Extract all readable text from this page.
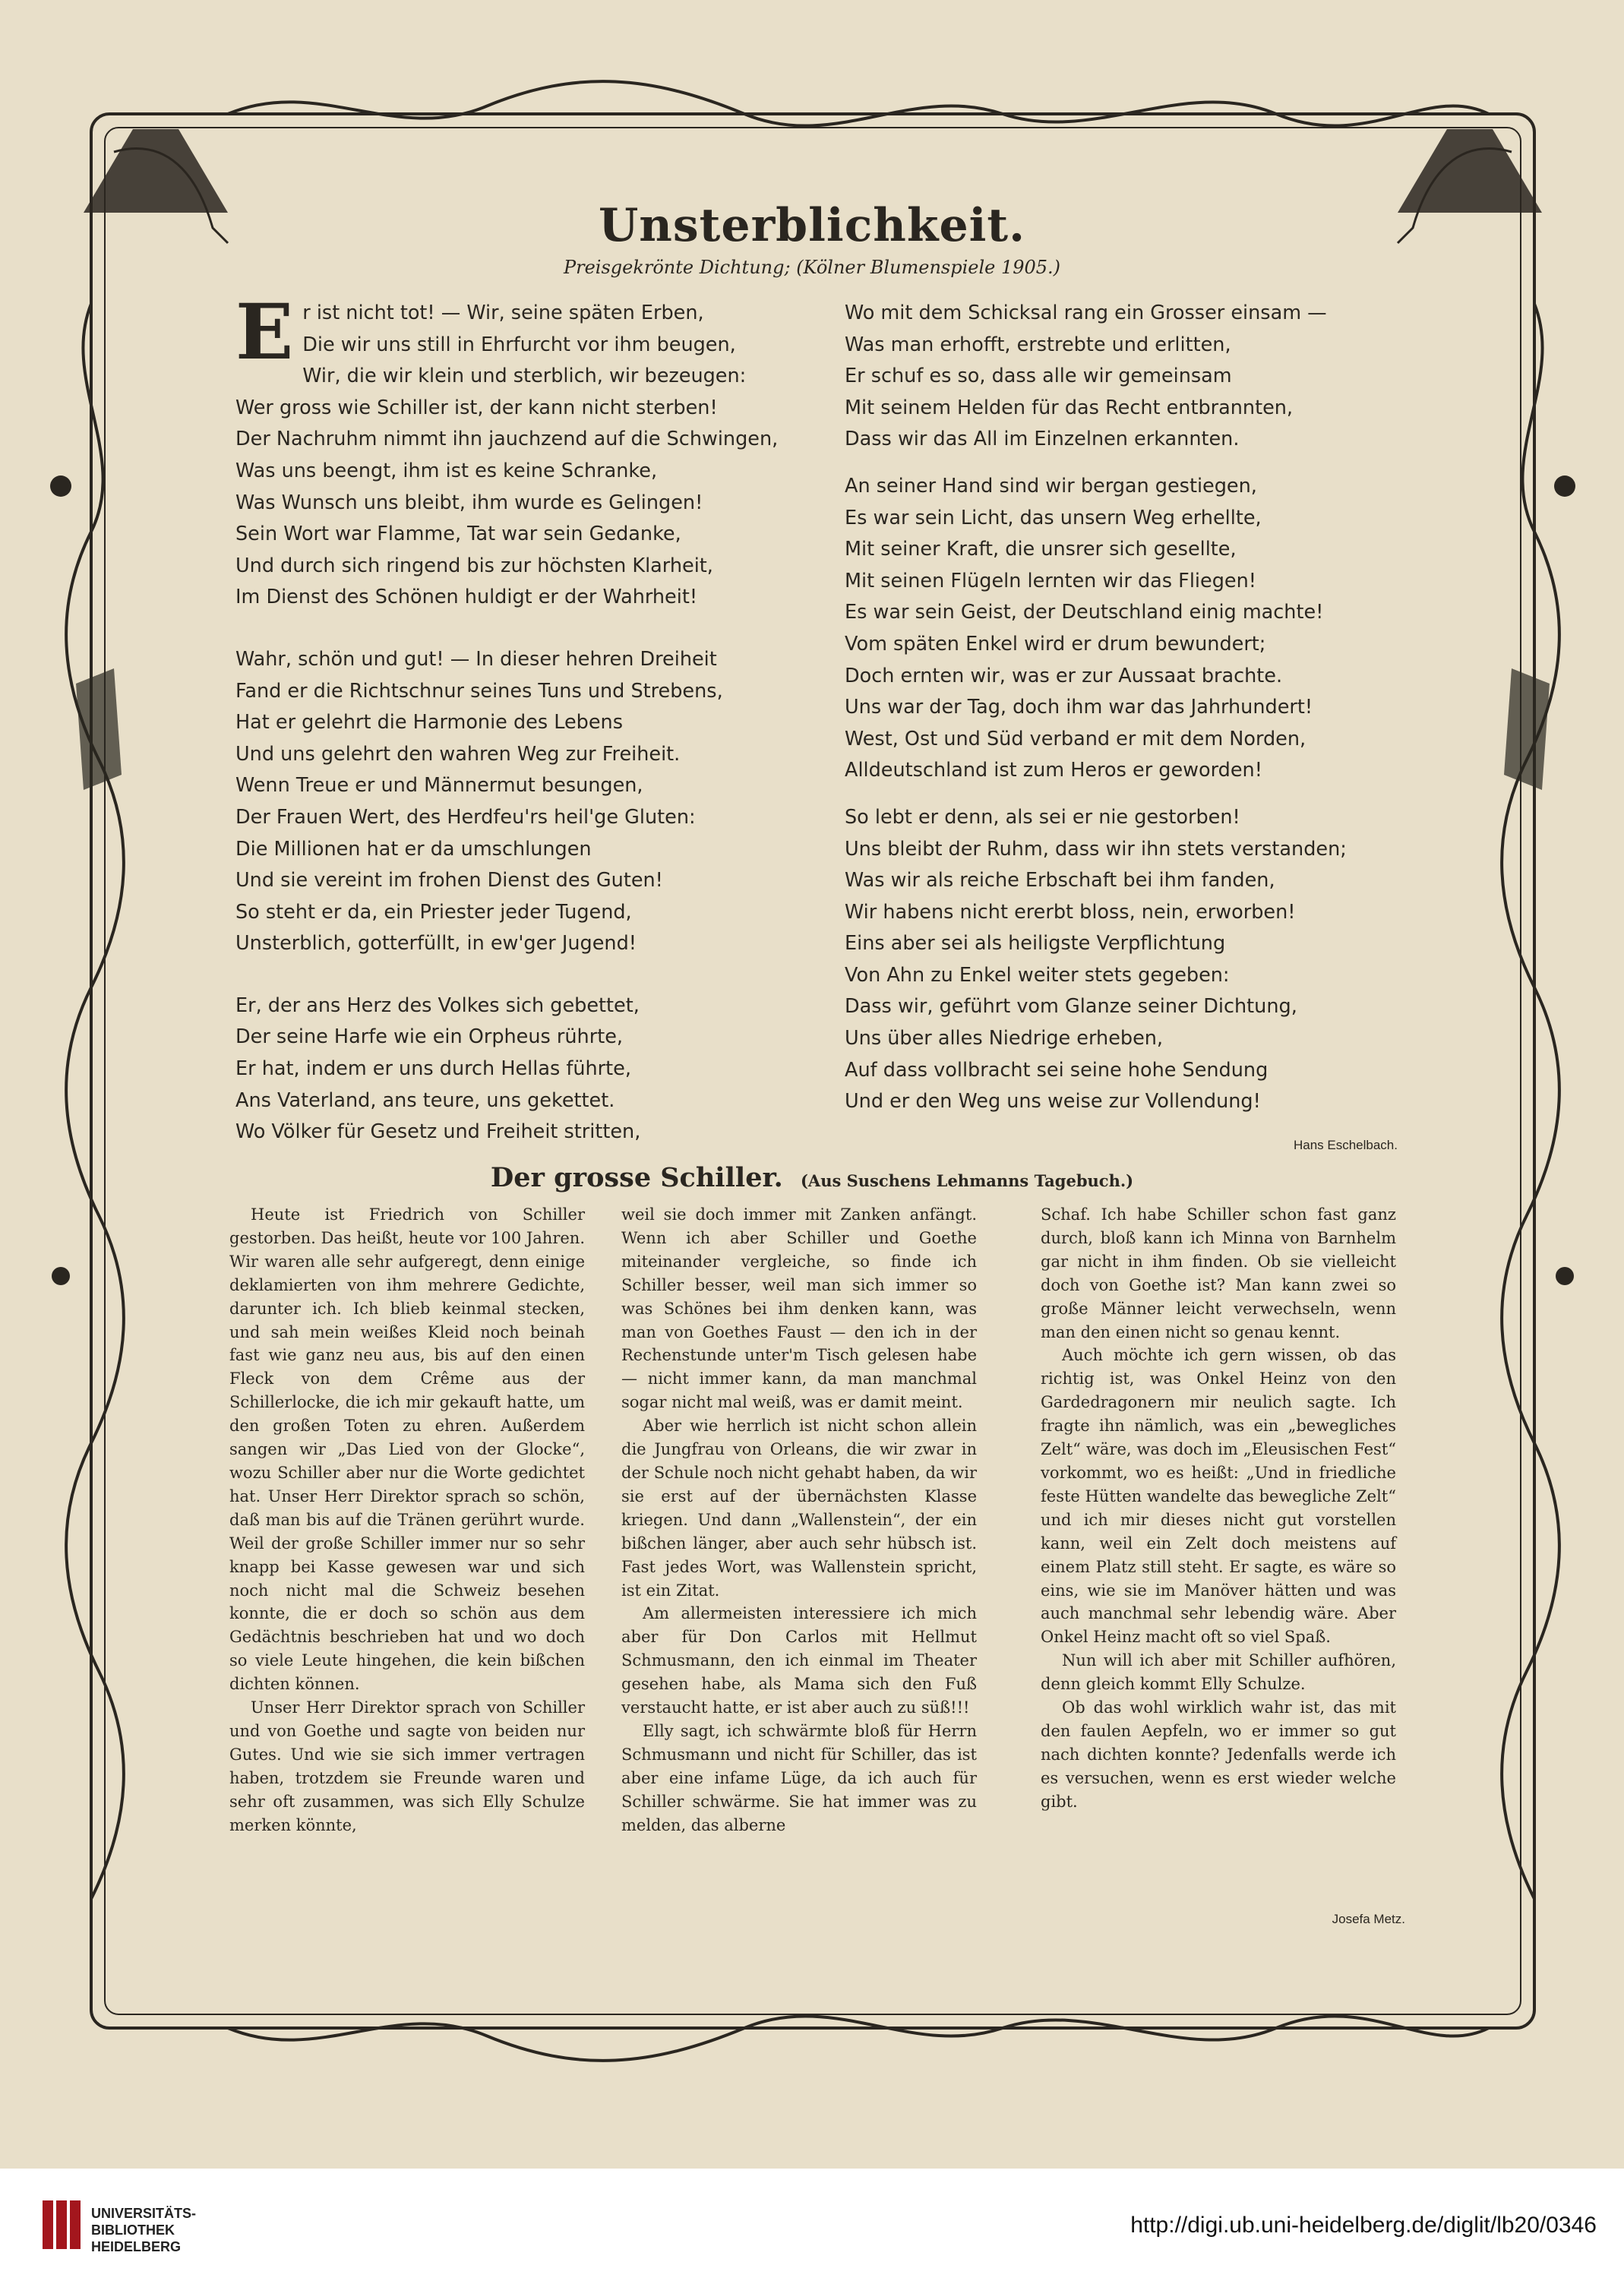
Unsterblichkeit.
Preisgekrönte Dichtung; (Kölner Blumenspiele 1905.)
E r ist nicht tot! — Wir, seine späten Erben,

Die wir uns still in Ehrfurcht vor ihm beugen,

Wir, die wir klein und sterblich, wir bezeugen:

Wer gross wie Schiller ist, der kann nicht sterben!

Der Nachruhm nimmt ihn jauchzend auf die Schwingen,

Was uns beengt, ihm ist es keine Schranke,

Was Wunsch uns bleibt, ihm wurde es Gelingen!

Sein Wort war Flamme, Tat war sein Gedanke,

Und durch sich ringend bis zur höchsten Klarheit,

Im Dienst des Schönen huldigt er der Wahrheit!

Wahr, schön und gut! — In dieser hehren Dreiheit

Fand er die Richtschnur seines Tuns und Strebens,

Hat er gelehrt die Harmonie des Lebens

Und uns gelehrt den wahren Weg zur Freiheit.

Wenn Treue er und Männermut besungen,

Der Frauen Wert, des Herdfeu'rs heil'ge Gluten:

Die Millionen hat er da umschlungen

Und sie vereint im frohen Dienst des Guten!

So steht er da, ein Priester jeder Tugend,

Unsterblich, gotterfüllt, in ew'ger Jugend!

Er, der ans Herz des Volkes sich gebettet,

Der seine Harfe wie ein Orpheus rührte,

Er hat, indem er uns durch Hellas führte,

Ans Vaterland, ans teure, uns gekettet.

Wo Völker für Gesetz und Freiheit stritten,

Wo mit dem Schicksal rang ein Grosser einsam —

Was man erhofft, erstrebte und erlitten,

Er schuf es so, dass alle wir gemeinsam

Mit seinem Helden für das Recht entbrannten,

Dass wir das All im Einzelnen erkannten.

An seiner Hand sind wir bergan gestiegen,

Es war sein Licht, das unsern Weg erhellte,

Mit seiner Kraft, die unsrer sich gesellte,

Mit seinen Flügeln lernten wir das Fliegen!

Es war sein Geist, der Deutschland einig machte!

Vom späten Enkel wird er drum bewundert;

Doch ernten wir, was er zur Aussaat brachte.

Uns war der Tag, doch ihm war das Jahrhundert!

West, Ost und Süd verband er mit dem Norden,

Alldeutschland ist zum Heros er geworden!

So lebt er denn, als sei er nie gestorben!

Uns bleibt der Ruhm, dass wir ihn stets verstanden;

Was wir als reiche Erbschaft bei ihm fanden,

Wir habens nicht ererbt bloss, nein, erworben!

Eins aber sei als heiligste Verpflichtung

Von Ahn zu Enkel weiter stets gegeben:

Dass wir, geführt vom Glanze seiner Dichtung,

Uns über alles Niedrige erheben,

Auf dass vollbracht sei seine hohe Sendung

Und er den Weg uns weise zur Vollendung!

Hans Eschelbach.
Der grosse Schiller. (Aus Suschens Lehmanns Tagebuch.)

Heute ist Friedrich von Schiller gestorben. Das heißt, heute vor 100 Jahren. Wir waren alle sehr aufgeregt, denn einige deklamierten von ihm mehrere Gedichte, darunter ich. Ich blieb keinmal stecken, und sah mein weißes Kleid noch beinah fast wie ganz neu aus, bis auf den einen Fleck von dem Crême aus der Schillerlocke, die ich mir gekauft hatte, um den großen Toten zu ehren. Außerdem sangen wir „Das Lied von der Glocke“, wozu Schiller aber nur die Worte gedichtet hat. Unser Herr Direktor sprach so schön, daß man bis auf die Tränen gerührt wurde. Weil der große Schiller immer nur so sehr knapp bei Kasse gewesen war und sich noch nicht mal die Schweiz besehen konnte, die er doch so schön aus dem Gedächtnis beschrieben hat und wo doch so viele Leute hingehen, die kein bißchen dichten können.

Unser Herr Direktor sprach von Schiller und von Goethe und sagte von beiden nur Gutes. Und wie sie sich immer vertragen haben, trotzdem sie Freunde waren und sehr oft zusammen, was sich Elly Schulze merken könnte,

weil sie doch immer mit Zanken anfängt. Wenn ich aber Schiller und Goethe miteinander vergleiche, so finde ich Schiller besser, weil man sich immer so was Schönes bei ihm denken kann, was man von Goethes Faust — den ich in der Rechenstunde unter'm Tisch gelesen habe — nicht immer kann, da man manchmal sogar nicht mal weiß, was er damit meint.

Aber wie herrlich ist nicht schon allein die Jungfrau von Orleans, die wir zwar in der Schule noch nicht gehabt haben, da wir sie erst auf der übernächsten Klasse kriegen. Und dann „Wallenstein“, der ein bißchen länger, aber auch sehr hübsch ist. Fast jedes Wort, was Wallenstein spricht, ist ein Zitat.

Am allermeisten interessiere ich mich aber für Don Carlos mit Hellmut Schmusmann, den ich einmal im Theater gesehen habe, als Mama sich den Fuß verstaucht hatte, er ist aber auch zu süß!!!

Elly sagt, ich schwärmte bloß für Herrn Schmusmann und nicht für Schiller, das ist aber eine infame Lüge, da ich auch für Schiller schwärme. Sie hat immer was zu melden, das alberne

Schaf. Ich habe Schiller schon fast ganz durch, bloß kann ich Minna von Barnhelm gar nicht in ihm finden. Ob sie vielleicht doch von Goethe ist? Man kann zwei so große Männer leicht verwechseln, wenn man den einen nicht so genau kennt.

Auch möchte ich gern wissen, ob das richtig ist, was Onkel Heinz von den Gardedragonern mir neulich sagte. Ich fragte ihn nämlich, was ein „bewegliches Zelt“ wäre, was doch im „Eleusischen Fest“ vorkommt, wo es heißt: „Und in friedliche feste Hütten wandelte das bewegliche Zelt“ und ich mir dieses nicht gut vorstellen kann, weil ein Zelt doch meistens auf einem Platz still steht. Er sagte, es wäre so eins, wie sie im Manöver hätten und was auch manchmal sehr lebendig wäre. Aber Onkel Heinz macht oft so viel Spaß.

Nun will ich aber mit Schiller aufhören, denn gleich kommt Elly Schulze.

Ob das wohl wirklich wahr ist, das mit den faulen Aepfeln, wo er immer so gut nach dichten konnte? Jedenfalls werde ich es versuchen, wenn es erst wieder welche gibt.

Josefa Metz.
UNIVERSITÄTS-
BIBLIOTHEK
HEIDELBERG
http://digi.ub.uni-heidelberg.de/diglit/lb20/0346
